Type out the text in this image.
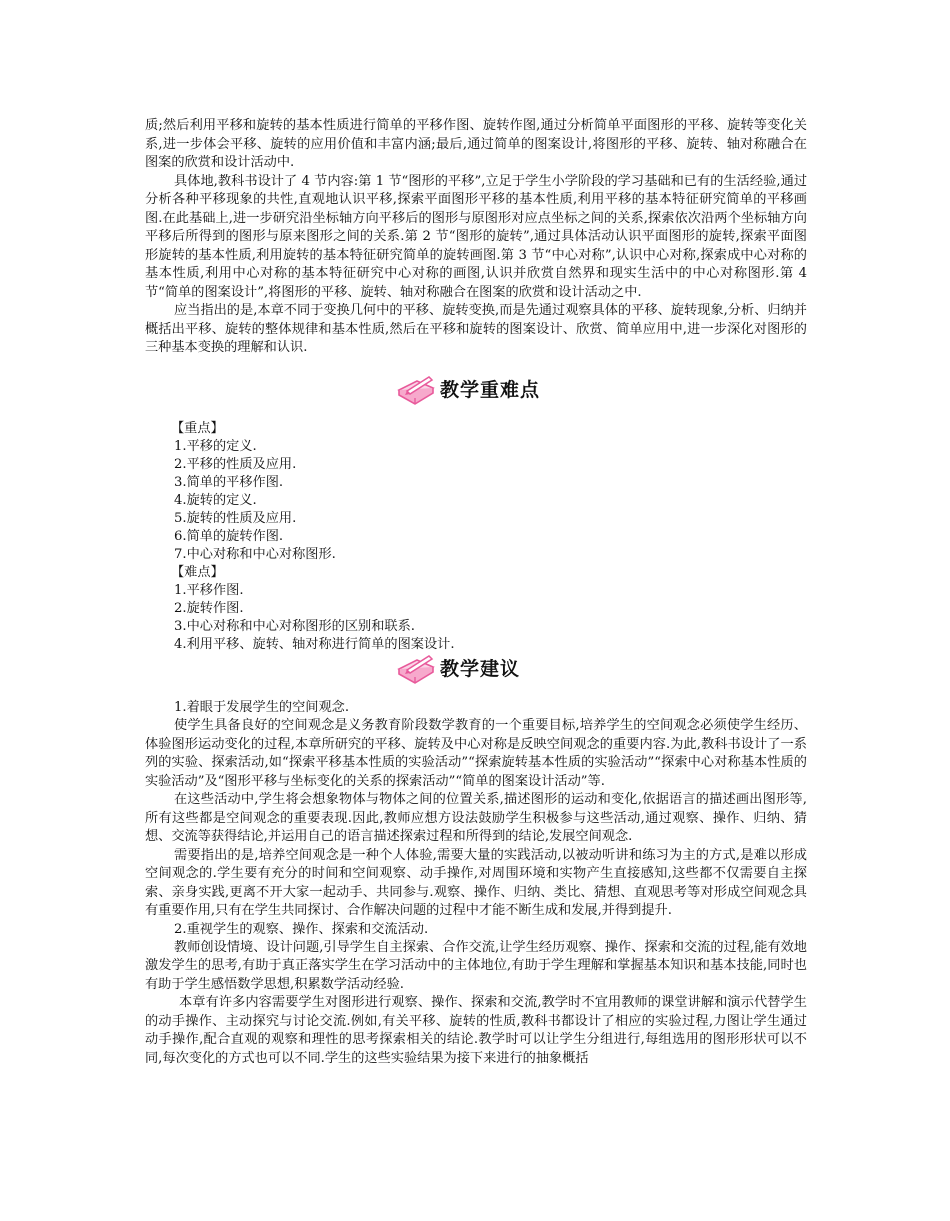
质;然后利用平移和旋转的基本性质进行简单的平移作图、旋转作图,通过分析简单平面图形的平移、旋转等变化关系,进一步体会平移、旋转的应用价值和丰富内涵;最后,通过简单的图案设计,将图形的平移、旋转、轴对称融合在图案的欣赏和设计活动中.

具体地,教科书设计了 4 节内容:第 1 节“图形的平移”,立足于学生小学阶段的学习基础和已有的生活经验,通过分析各种平移现象的共性,直观地认识平移,探索平面图形平移的基本性质,利用平移的基本特征研究简单的平移画图.在此基础上,进一步研究沿坐标轴方向平移后的图形与原图形对应点坐标之间的关系,探索依次沿两个坐标轴方向平移后所得到的图形与原来图形之间的关系.第 2 节“图形的旋转”,通过具体活动认识平面图形的旋转,探索平面图形旋转的基本性质,利用旋转的基本特征研究简单的旋转画图.第 3 节“中心对称”,认识中心对称,探索成中心对称的基本性质,利用中心对称的基本特征研究中心对称的画图,认识并欣赏自然界和现实生活中的中心对称图形.第 4 节“简单的图案设计”,将图形的平移、旋转、轴对称融合在图案的欣赏和设计活动之中.

应当指出的是,本章不同于变换几何中的平移、旋转变换,而是先通过观察具体的平移、旋转现象,分析、归纳并概括出平移、旋转的整体规律和基本性质,然后在平移和旋转的图案设计、欣赏、简单应用中,进一步深化对图形的三种基本变换的理解和认识.

教学重难点
【重点】
1.平移的定义.
2.平移的性质及应用.
3.简单的平移作图.
4.旋转的定义.
5.旋转的性质及应用.
6.简单的旋转作图.
7.中心对称和中心对称图形.
【难点】
1.平移作图.
2.旋转作图.
3.中心对称和中心对称图形的区别和联系.
4.利用平移、旋转、轴对称进行简单的图案设计.
教学建议
1.着眼于发展学生的空间观念.

使学生具备良好的空间观念是义务教育阶段数学教育的一个重要目标,培养学生的空间观念必须使学生经历、体验图形运动变化的过程,本章所研究的平移、旋转及中心对称是反映空间观念的重要内容.为此,教科书设计了一系列的实验、探索活动,如“探索平移基本性质的实验活动”“探索旋转基本性质的实验活动”“探索中心对称基本性质的实验活动”及“图形平移与坐标变化的关系的探索活动”“简单的图案设计活动”等.

在这些活动中,学生将会想象物体与物体之间的位置关系,描述图形的运动和变化,依据语言的描述画出图形等,所有这些都是空间观念的重要表现.因此,教师应想方设法鼓励学生积极参与这些活动,通过观察、操作、归纳、猜想、交流等获得结论,并运用自己的语言描述探索过程和所得到的结论,发展空间观念.

需要指出的是,培养空间观念是一种个人体验,需要大量的实践活动,以被动听讲和练习为主的方式,是难以形成空间观念的.学生要有充分的时间和空间观察、动手操作,对周围环境和实物产生直接感知,这些都不仅需要自主探索、亲身实践,更离不开大家一起动手、共同参与.观察、操作、归纳、类比、猜想、直观思考等对形成空间观念具有重要作用,只有在学生共同探讨、合作解决问题的过程中才能不断生成和发展,并得到提升.

2.重视学生的观察、操作、探索和交流活动.

教师创设情境、设计问题,引导学生自主探索、合作交流,让学生经历观察、操作、探索和交流的过程,能有效地激发学生的思考,有助于真正落实学生在学习活动中的主体地位,有助于学生理解和掌握基本知识和基本技能,同时也有助于学生感悟数学思想,积累数学活动经验.

本章有许多内容需要学生对图形进行观察、操作、探索和交流,教学时不宜用教师的课堂讲解和演示代替学生的动手操作、主动探究与讨论交流.例如,有关平移、旋转的性质,教科书都设计了相应的实验过程,力图让学生通过动手操作,配合直观的观察和理性的思考探索相关的结论.教学时可以让学生分组进行,每组选用的图形形状可以不同,每次变化的方式也可以不同.学生的这些实验结果为接下来进行的抽象概括
